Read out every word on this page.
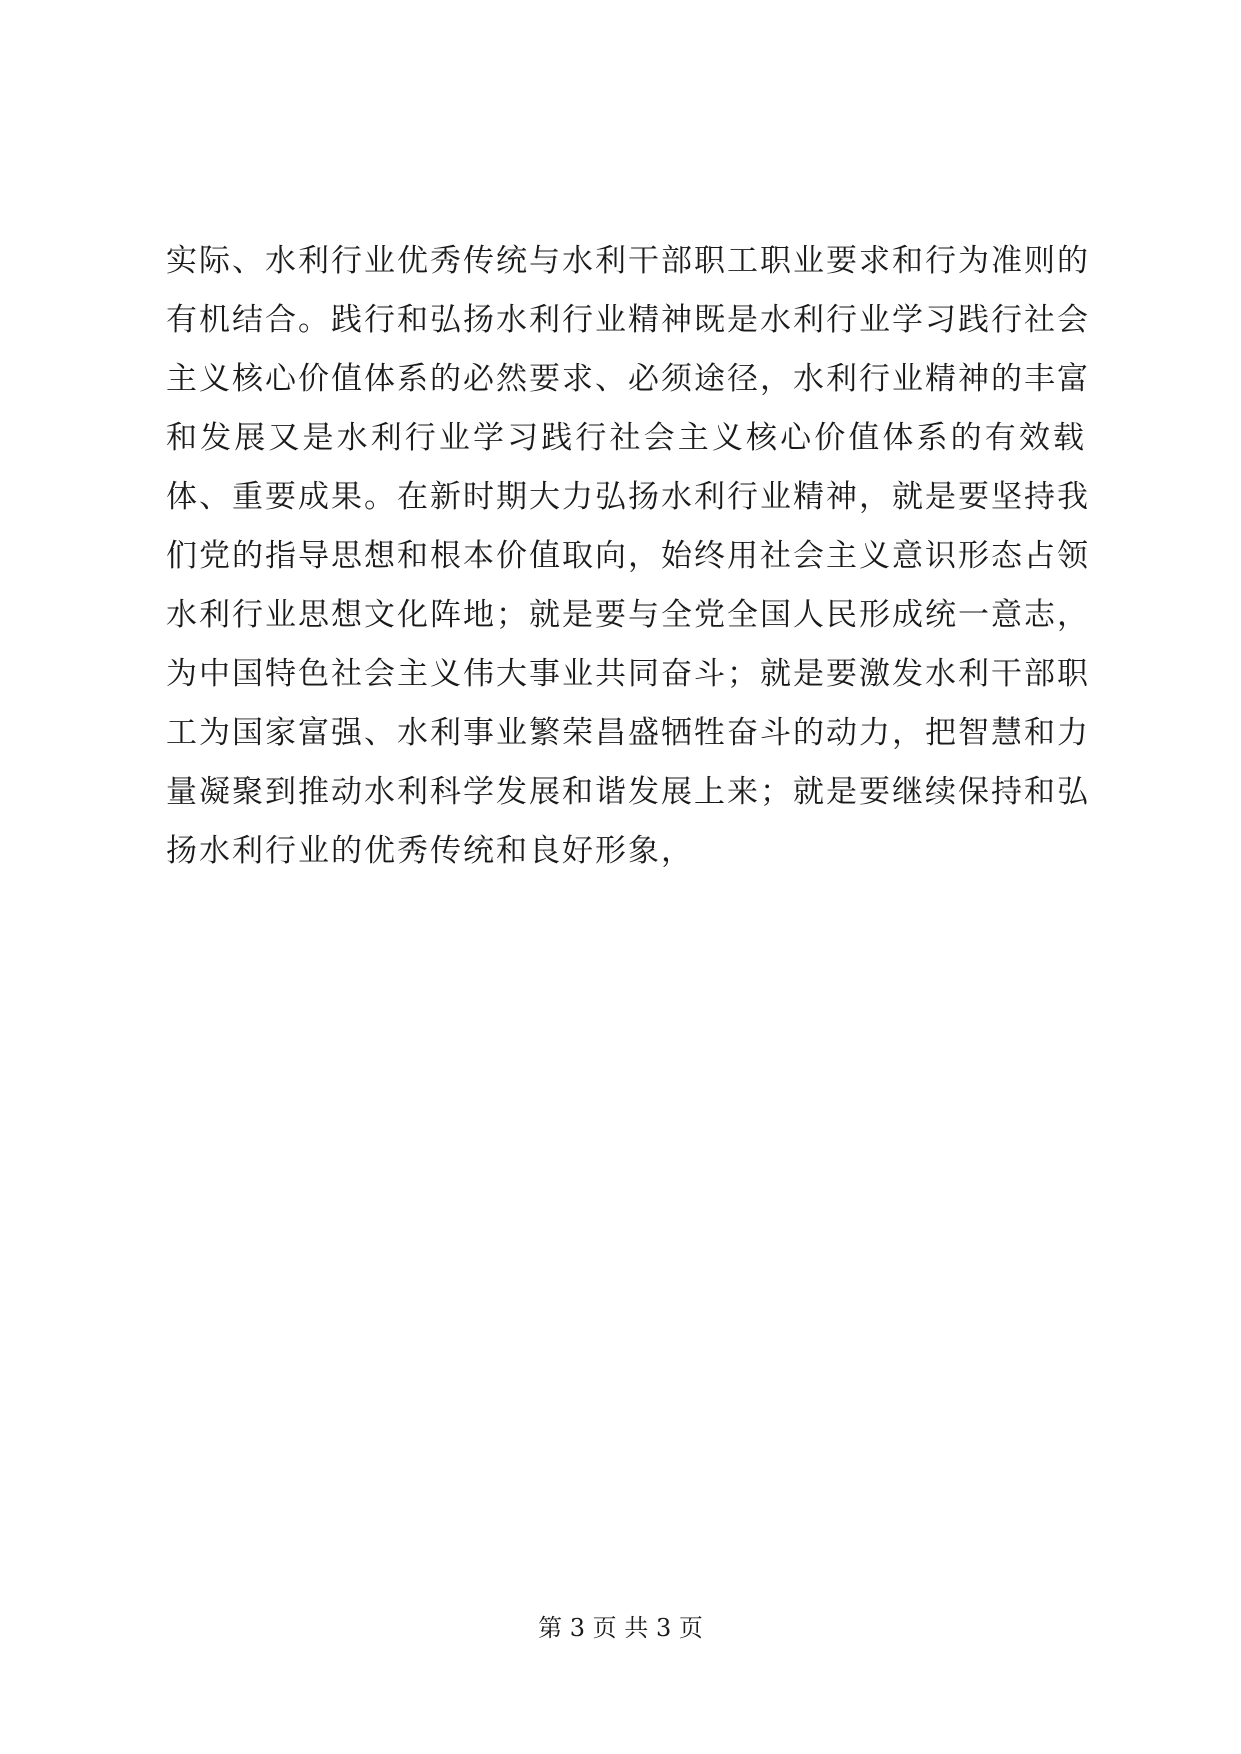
实际、水利行业优秀传统与水利干部职工职业要求和行为准则的
有机结合。践行和弘扬水利行业精神既是水利行业学习践行社会
主义核心价值体系的必然要求、必须途径，水利行业精神的丰富
和发展又是水利行业学习践行社会主义核心价值体系的有效载
体、重要成果。在新时期大力弘扬水利行业精神，就是要坚持我
们党的指导思想和根本价值取向，始终用社会主义意识形态占领
水利行业思想文化阵地；就是要与全党全国人民形成统一意志，
为中国特色社会主义伟大事业共同奋斗；就是要激发水利干部职
工为国家富强、水利事业繁荣昌盛牺牲奋斗的动力，把智慧和力
量凝聚到推动水利科学发展和谐发展上来；就是要继续保持和弘
扬水利行业的优秀传统和良好形象，
第 3 页 共 3 页
